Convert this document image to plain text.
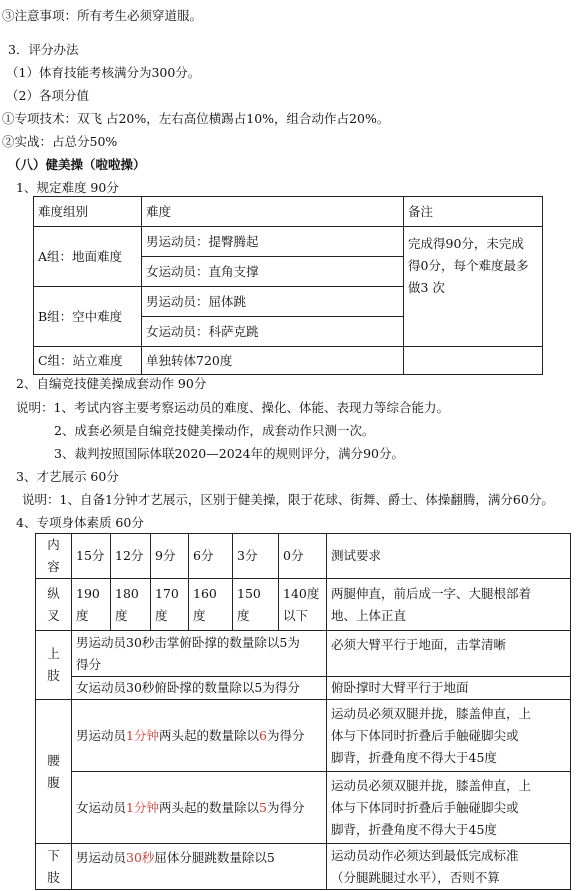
③注意事项：所有考生必须穿道服。
3．评分办法
（1）体育技能考核满分为300分。
（2）各项分值
①专项技术：双飞 占20%，左右高位横踢占10%，组合动作占20%。
②实战：占总分50%
（八）健美操（啦啦操）
1、规定难度 90分
难度组别	难度	备注
A组：地面难度	男运动员：提臀腾起	完成得90分，未完成
得0分，每个难度最多
做3 次

	女运动员：直角支撑	
B组：空中难度	男运动员：屈体跳	
	女运动员：科萨克跳	
C组：站立难度	单独转体720度	
2、自编竞技健美操成套动作 90分
说明：1、考试内容主要考察运动员的难度、操化、体能、表现力等综合能力。
2、成套必须是自编竞技健美操动作，成套动作只测一次。
3、裁判按照国际体联2020—2024年的规则评分，满分90分。
3、才艺展示 60分
说明：1、自备1分钟才艺展示，区别于健美操，限于花球、街舞、爵士、体操翻腾，满分60分。
4、专项身体素质 60分
内
容	15分	12分	9分	6分	3分	0分	测试要求

纵
叉	190
度	180
度	170
度	160
度	150
度	140度
以下	两腿伸直，前后成一字、大腿根部着
地、上体正直

上
肢	男运动员30秒击掌俯卧撑的数量除以5为
得分						必须大臂平行于地面，击掌清晰
	女运动员30秒俯卧撑的数量除以5为得分						俯卧撑时大臂平行于地面

腰
腹	男运动员1分钟两头起的数量除以6为得分						运动员必须双腿并拢，膝盖伸直，上
体与下体同时折叠后手触碰脚尖或
脚背，折叠角度不得大于45度

	女运动员1分钟两头起的数量除以5为得分						运动员必须双腿并拢，膝盖伸直，上
体与下体同时折叠后手触碰脚尖或
脚背，折叠角度不得大于45度

下
肢	男运动员30秒屈体分腿跳数量除以5						运动员动作必须达到最低完成标准
（分腿跳腿过水平），否则不算
